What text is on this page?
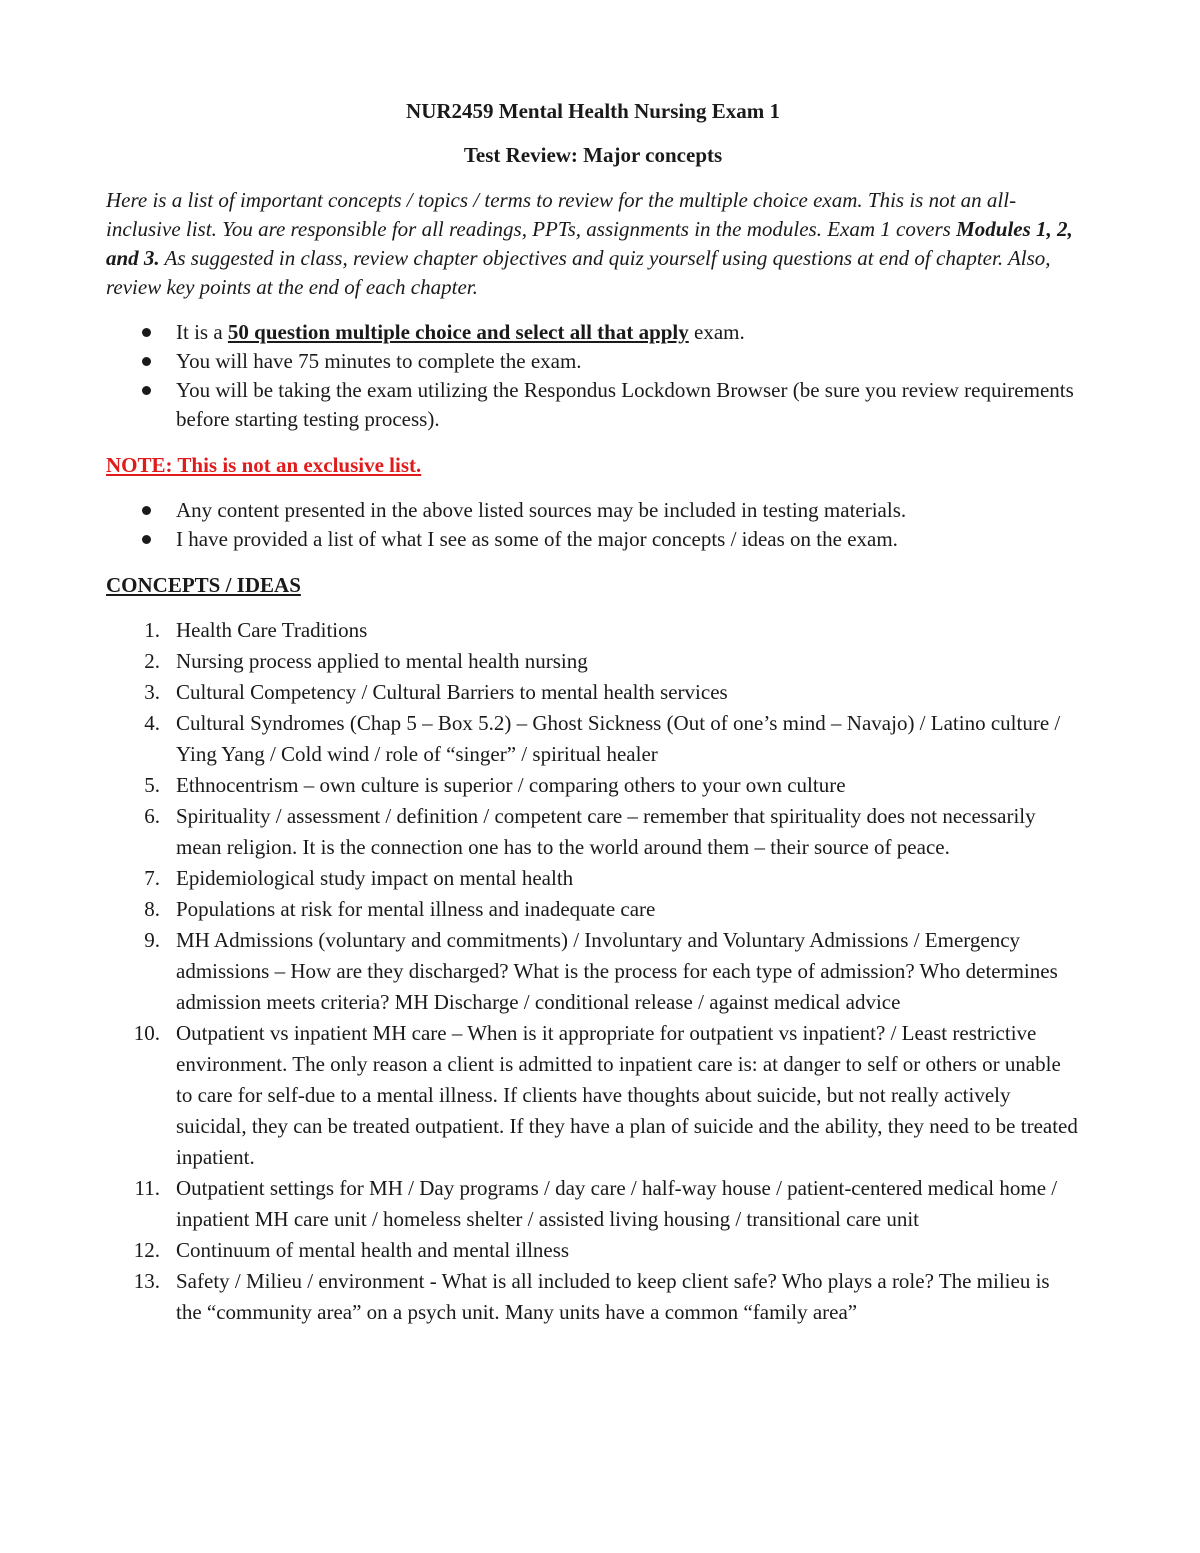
NUR2459 Mental Health Nursing Exam 1

Test Review: Major concepts

Here is a list of important concepts / topics / terms to review for the multiple choice exam. This is not an all-inclusive list. You are responsible for all readings, PPTs, assignments in the modules. Exam 1 covers Modules 1, 2, and 3. As suggested in class, review chapter objectives and quiz yourself using questions at end of chapter. Also, review key points at the end of each chapter.

It is a 50 question multiple choice and select all that apply exam.
You will have 75 minutes to complete the exam.
You will be taking the exam utilizing the Respondus Lockdown Browser (be sure you review requirements before starting testing process).

NOTE: This is not an exclusive list.

Any content presented in the above listed sources may be included in testing materials.
I have provided a list of what I see as some of the major concepts / ideas on the exam.

CONCEPTS / IDEAS

1. Health Care Traditions
2. Nursing process applied to mental health nursing
3. Cultural Competency / Cultural Barriers to mental health services
4. Cultural Syndromes (Chap 5 – Box 5.2) – Ghost Sickness (Out of one’s mind – Navajo) / Latino culture / Ying Yang / Cold wind / role of “singer” / spiritual healer
5. Ethnocentrism – own culture is superior / comparing others to your own culture
6. Spirituality / assessment / definition / competent care – remember that spirituality does not necessarily mean religion. It is the connection one has to the world around them – their source of peace.
7. Epidemiological study impact on mental health
8. Populations at risk for mental illness and inadequate care
9. MH Admissions (voluntary and commitments) / Involuntary and Voluntary Admissions / Emergency admissions – How are they discharged? What is the process for each type of admission? Who determines admission meets criteria? MH Discharge / conditional release / against medical advice
10. Outpatient vs inpatient MH care – When is it appropriate for outpatient vs inpatient? / Least restrictive environment. The only reason a client is admitted to inpatient care is: at danger to self or others or unable to care for self-due to a mental illness. If clients have thoughts about suicide, but not really actively suicidal, they can be treated outpatient. If they have a plan of suicide and the ability, they need to be treated inpatient.
11. Outpatient settings for MH / Day programs / day care / half-way house / patient-centered medical home / inpatient MH care unit / homeless shelter / assisted living housing / transitional care unit
12. Continuum of mental health and mental illness
13. Safety / Milieu / environment - What is all included to keep client safe? Who plays a role? The milieu is the “community area” on a psych unit. Many units have a common “family area”
